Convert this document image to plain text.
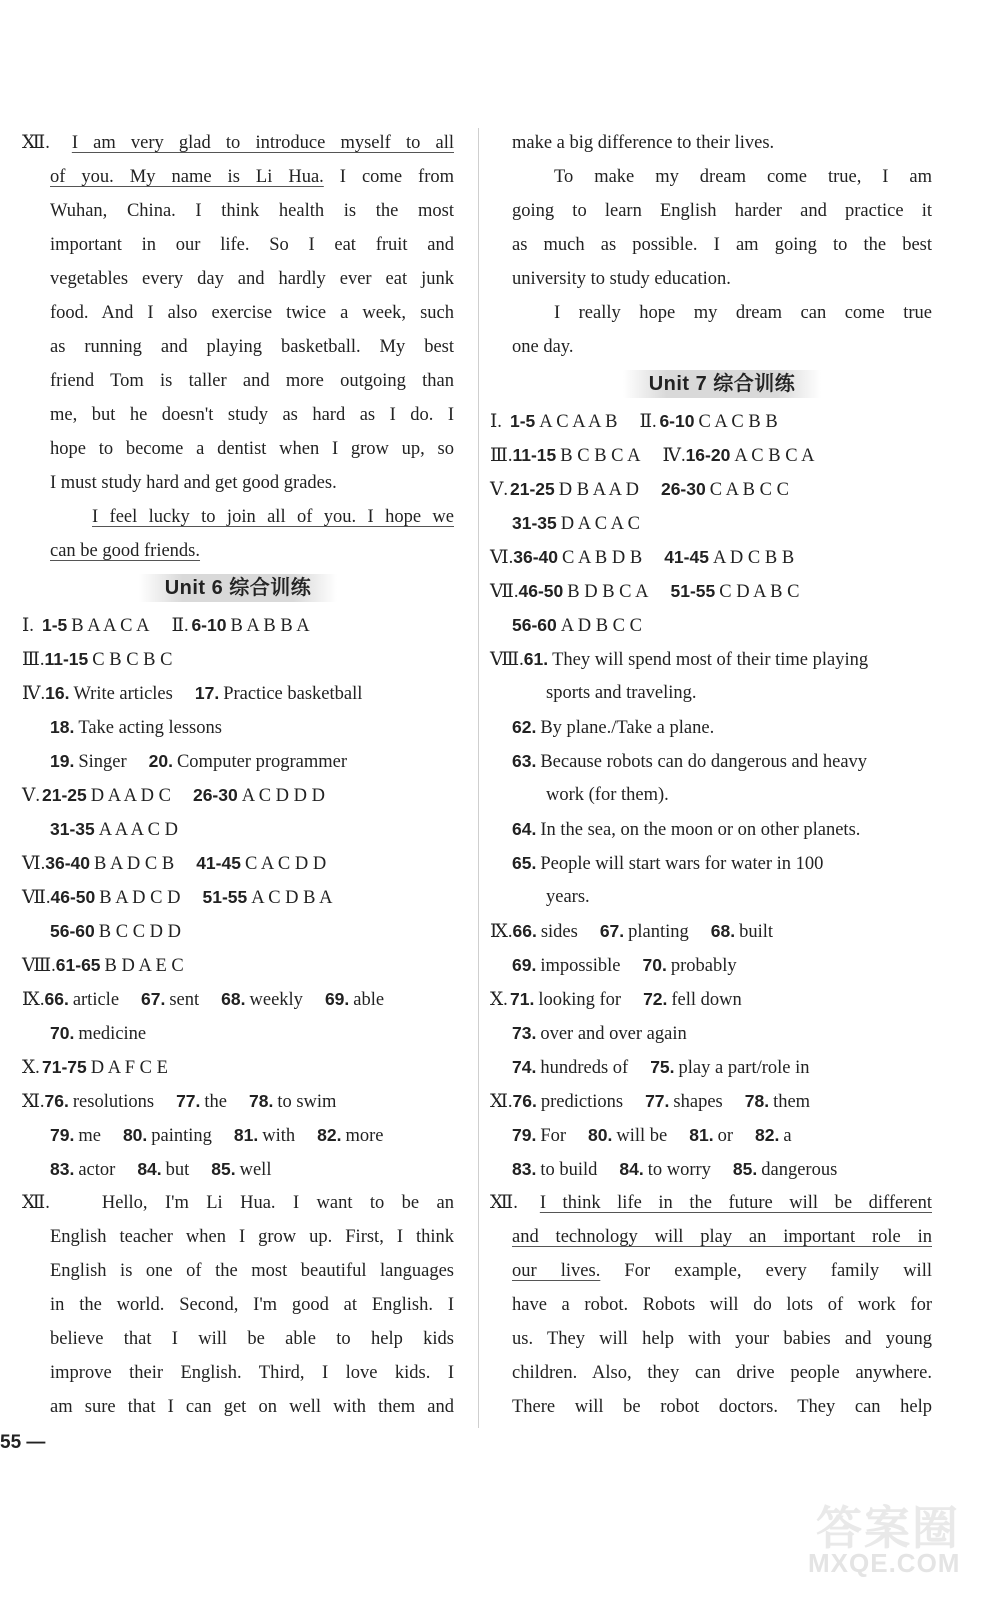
Ⅻ. I am very glad to introduce myself to all
of you. My name is Li Hua. I come from
Wuhan, China. I think health is the most
important in our life. So I eat fruit and
vegetables every day and hardly ever eat junk
food. And I also exercise twice a week, such
as running and playing basketball. My best
friend Tom is taller and more outgoing than
me, but he doesn't study as hard as I do. I
hope to become a dentist when I grow up, so
I must study hard and get good grades.
I feel lucky to join all of you. I hope we
can be good friends.
Unit 6 综合训练
Ⅰ. 1-5 B A A C A Ⅱ. 6-10 B A B B A
Ⅲ.11-15 C B C B C
Ⅳ.16. Write articles 17. Practice basketball
18. Take acting lessons
19. Singer 20. Computer programmer
Ⅴ. 21-25 D A A D C 26-30 A C D D D
31-35 A A A C D
Ⅵ.36-40 B A D C B 41-45 C A C D D
Ⅶ.46-50 B A D C D 51-55 A C D B A
56-60 B C C D D
Ⅷ.61-65 B D A E C
Ⅸ.66. article 67. sent 68. weekly 69. able
70. medicine
Ⅹ. 71-75 D A F C E
Ⅺ.76. resolutions 77. the 78. to swim
79. me 80. painting 81. with 82. more
83. actor 84. but 85. well
Ⅻ.	Hello, I'm Li Hua. I want to be an
English teacher when I grow up. First, I think
English is one of the most beautiful languages
in the world. Second, I'm good at English. I
believe that I will be able to help kids
improve their English. Third, I love kids. I
am sure that I can get on well with them and
make a big difference to their lives.
To make my dream come true, I am
going to learn English harder and practice it
as much as possible. I am going to the best
university to study education.
I really hope my dream can come true
one day.
Unit 7 综合训练
Ⅰ. 1-5 A C A A B Ⅱ. 6-10 C A C B B
Ⅲ.11-15 B C B C A Ⅳ.16-20 A C B C A
Ⅴ. 21-25 D B A A D 26-30 C A B C C
31-35 D A C A C
Ⅵ.36-40 C A B D B 41-45 A D C B B
Ⅶ.46-50 B D B C A 51-55 C D A B C
56-60 A D B C C
Ⅷ.61. They will spend most of their time playing
sports and traveling.
62. By plane./Take a plane.
63. Because robots can do dangerous and heavy
work (for them).
64. In the sea, on the moon or on other planets.
65. People will start wars for water in 100
years.
Ⅸ.66. sides 67. planting 68. built
69. impossible 70. probably
Ⅹ. 71. looking for 72. fell down
73. over and over again
74. hundreds of 75. play a part/role in
Ⅺ.76. predictions 77. shapes 78. them
79. For 80. will be 81. or 82. a
83. to build 84. to worry 85. dangerous
Ⅻ. I think life in the future will be different
and technology will play an important role in
our lives. For example, every family will
have a robot. Robots will do lots of work for
us. They will help with your babies and young
children. Also, they can drive people anywhere.
There will be robot doctors. They can help
55 —
答案圈
MXQE.COM
